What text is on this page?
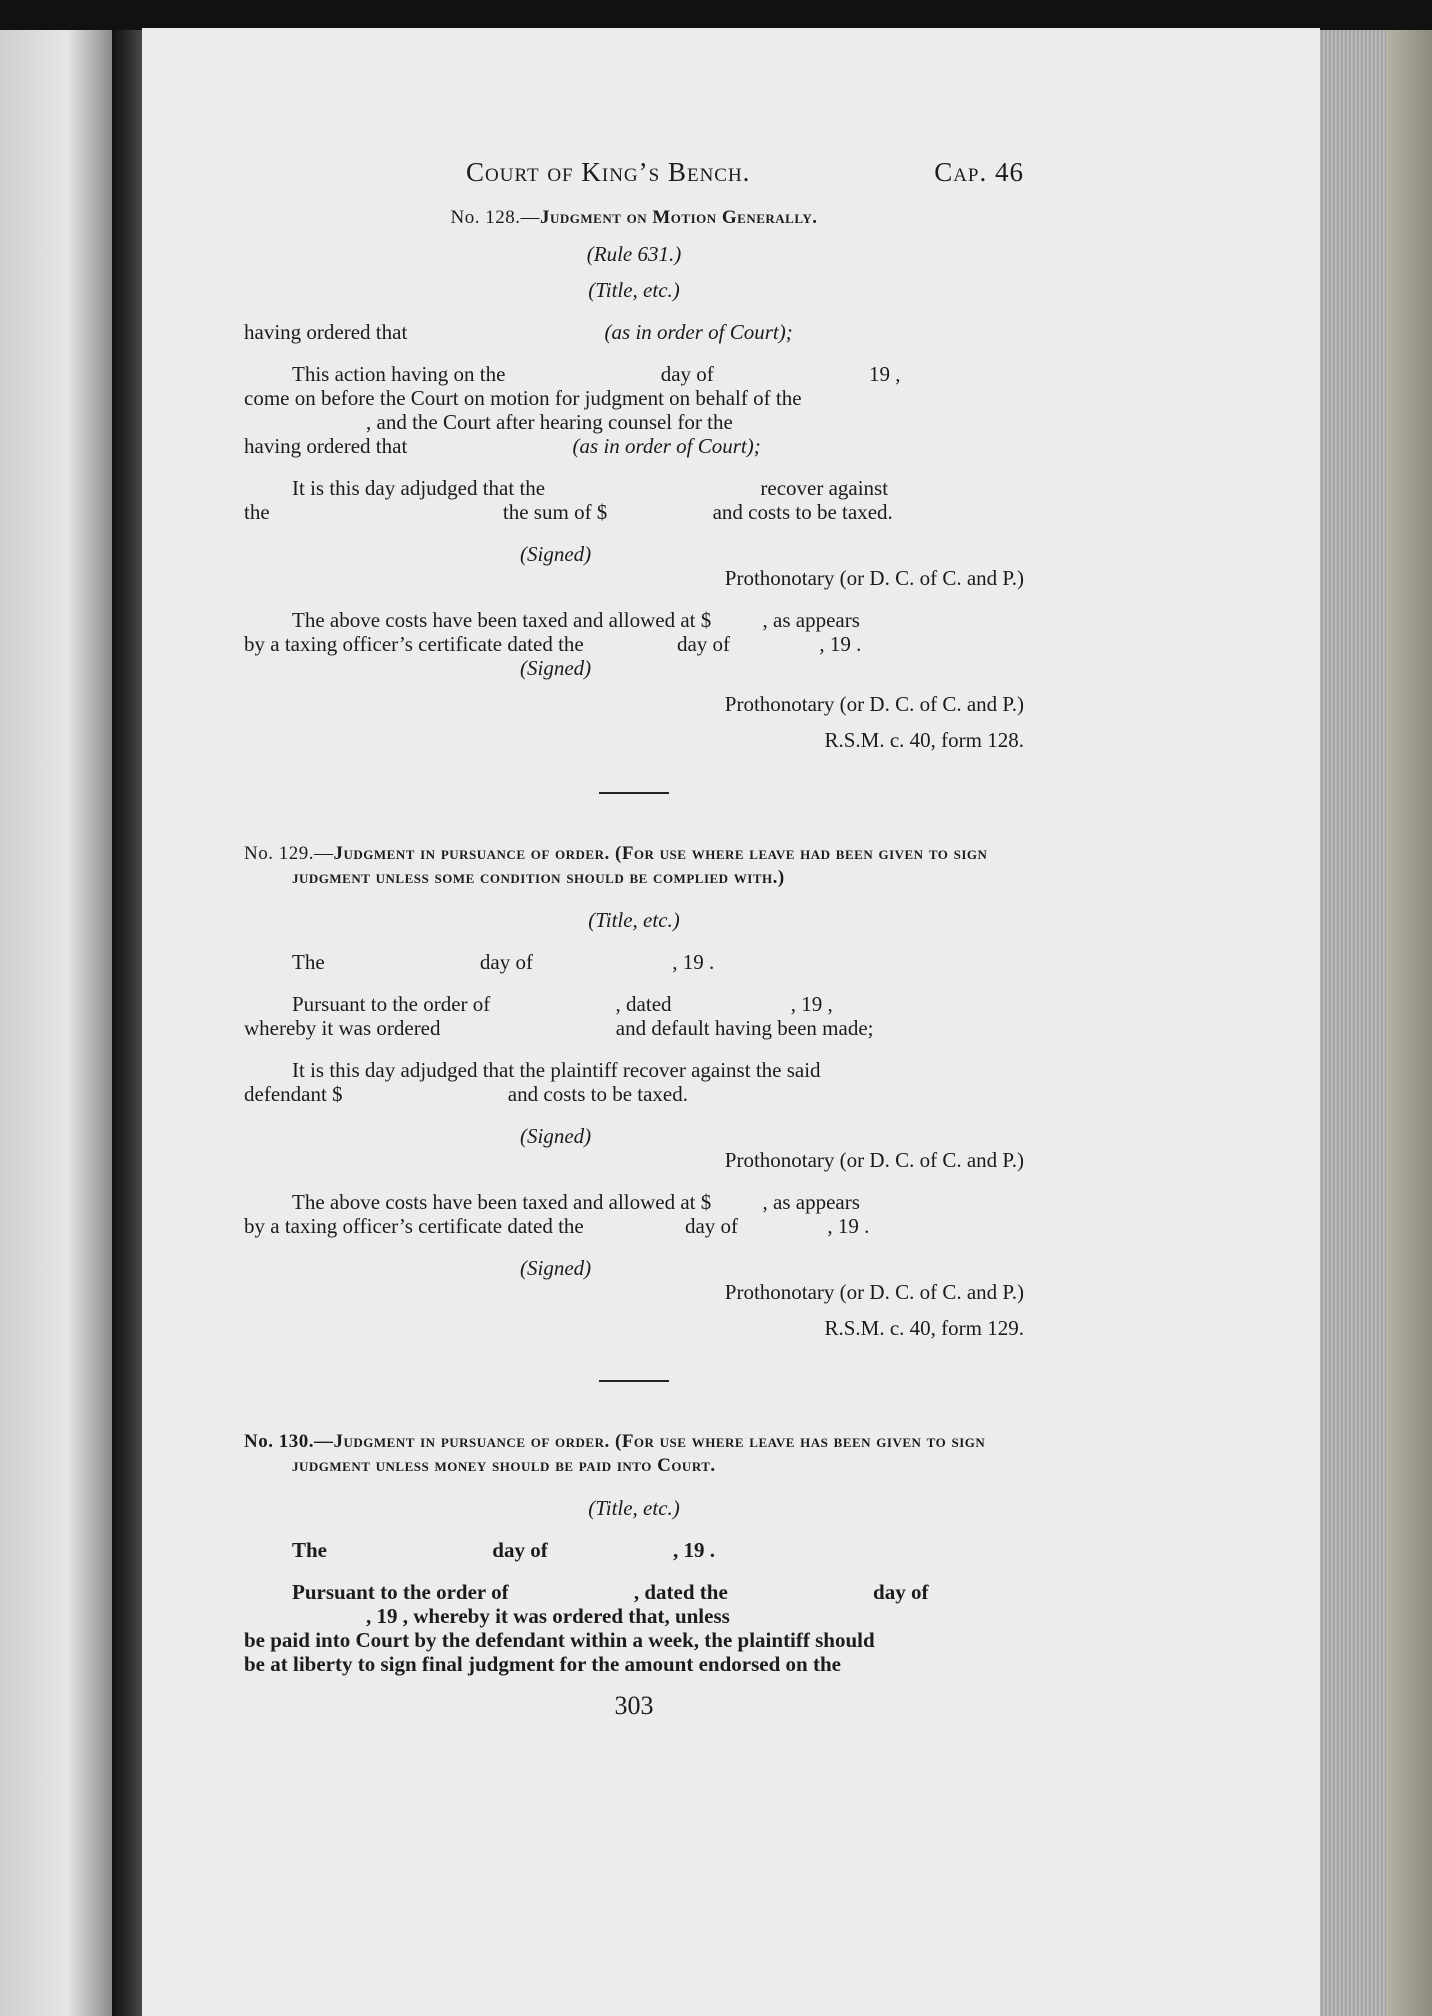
Court of King’s Bench.	Cap. 46
No. 128.—Judgment on Motion Generally.
(Rule 631.)
(Title, etc.)
having ordered that	(as in order of Court);
This action having on the	day of	19 ,
come on before the Court on motion for judgment on behalf of the
, and the Court after hearing counsel for the
having ordered that	(as in order of Court);
It is this day adjudged that the	recover against
the	the sum of $	and costs to be taxed.
(Signed)
Prothonotary (or D. C. of C. and P.)
The above costs have been taxed and allowed at $ , as appears
by a taxing officer’s certificate dated the	day of	, 19 .
(Signed)
Prothonotary (or D. C. of C. and P.)
R.S.M. c. 40, form 128.
No. 129.—Judgment in pursuance of order. (For use where leave had been given to sign judgment unless some condition should be complied with.)
(Title, etc.)
The	day of	, 19 .
Pursuant to the order of	, dated	, 19 ,
whereby it was ordered	and default having been made;
It is this day adjudged that the plaintiff recover against the said
defendant $	and costs to be taxed.
(Signed)
Prothonotary (or D. C. of C. and P.)
The above costs have been taxed and allowed at $ , as appears
by a taxing officer’s certificate dated the	day of	, 19 .
(Signed)
Prothonotary (or D. C. of C. and P.)
R.S.M. c. 40, form 129.
No. 130.—Judgment in pursuance of order. (For use where leave has been given to sign judgment unless money should be paid into Court.
(Title, etc.)
The	day of	, 19 .
Pursuant to the order of	, dated the	day of
, 19 , whereby it was ordered that, unless
be paid into Court by the defendant within a week, the plaintiff should
be at liberty to sign final judgment for the amount endorsed on the
303
